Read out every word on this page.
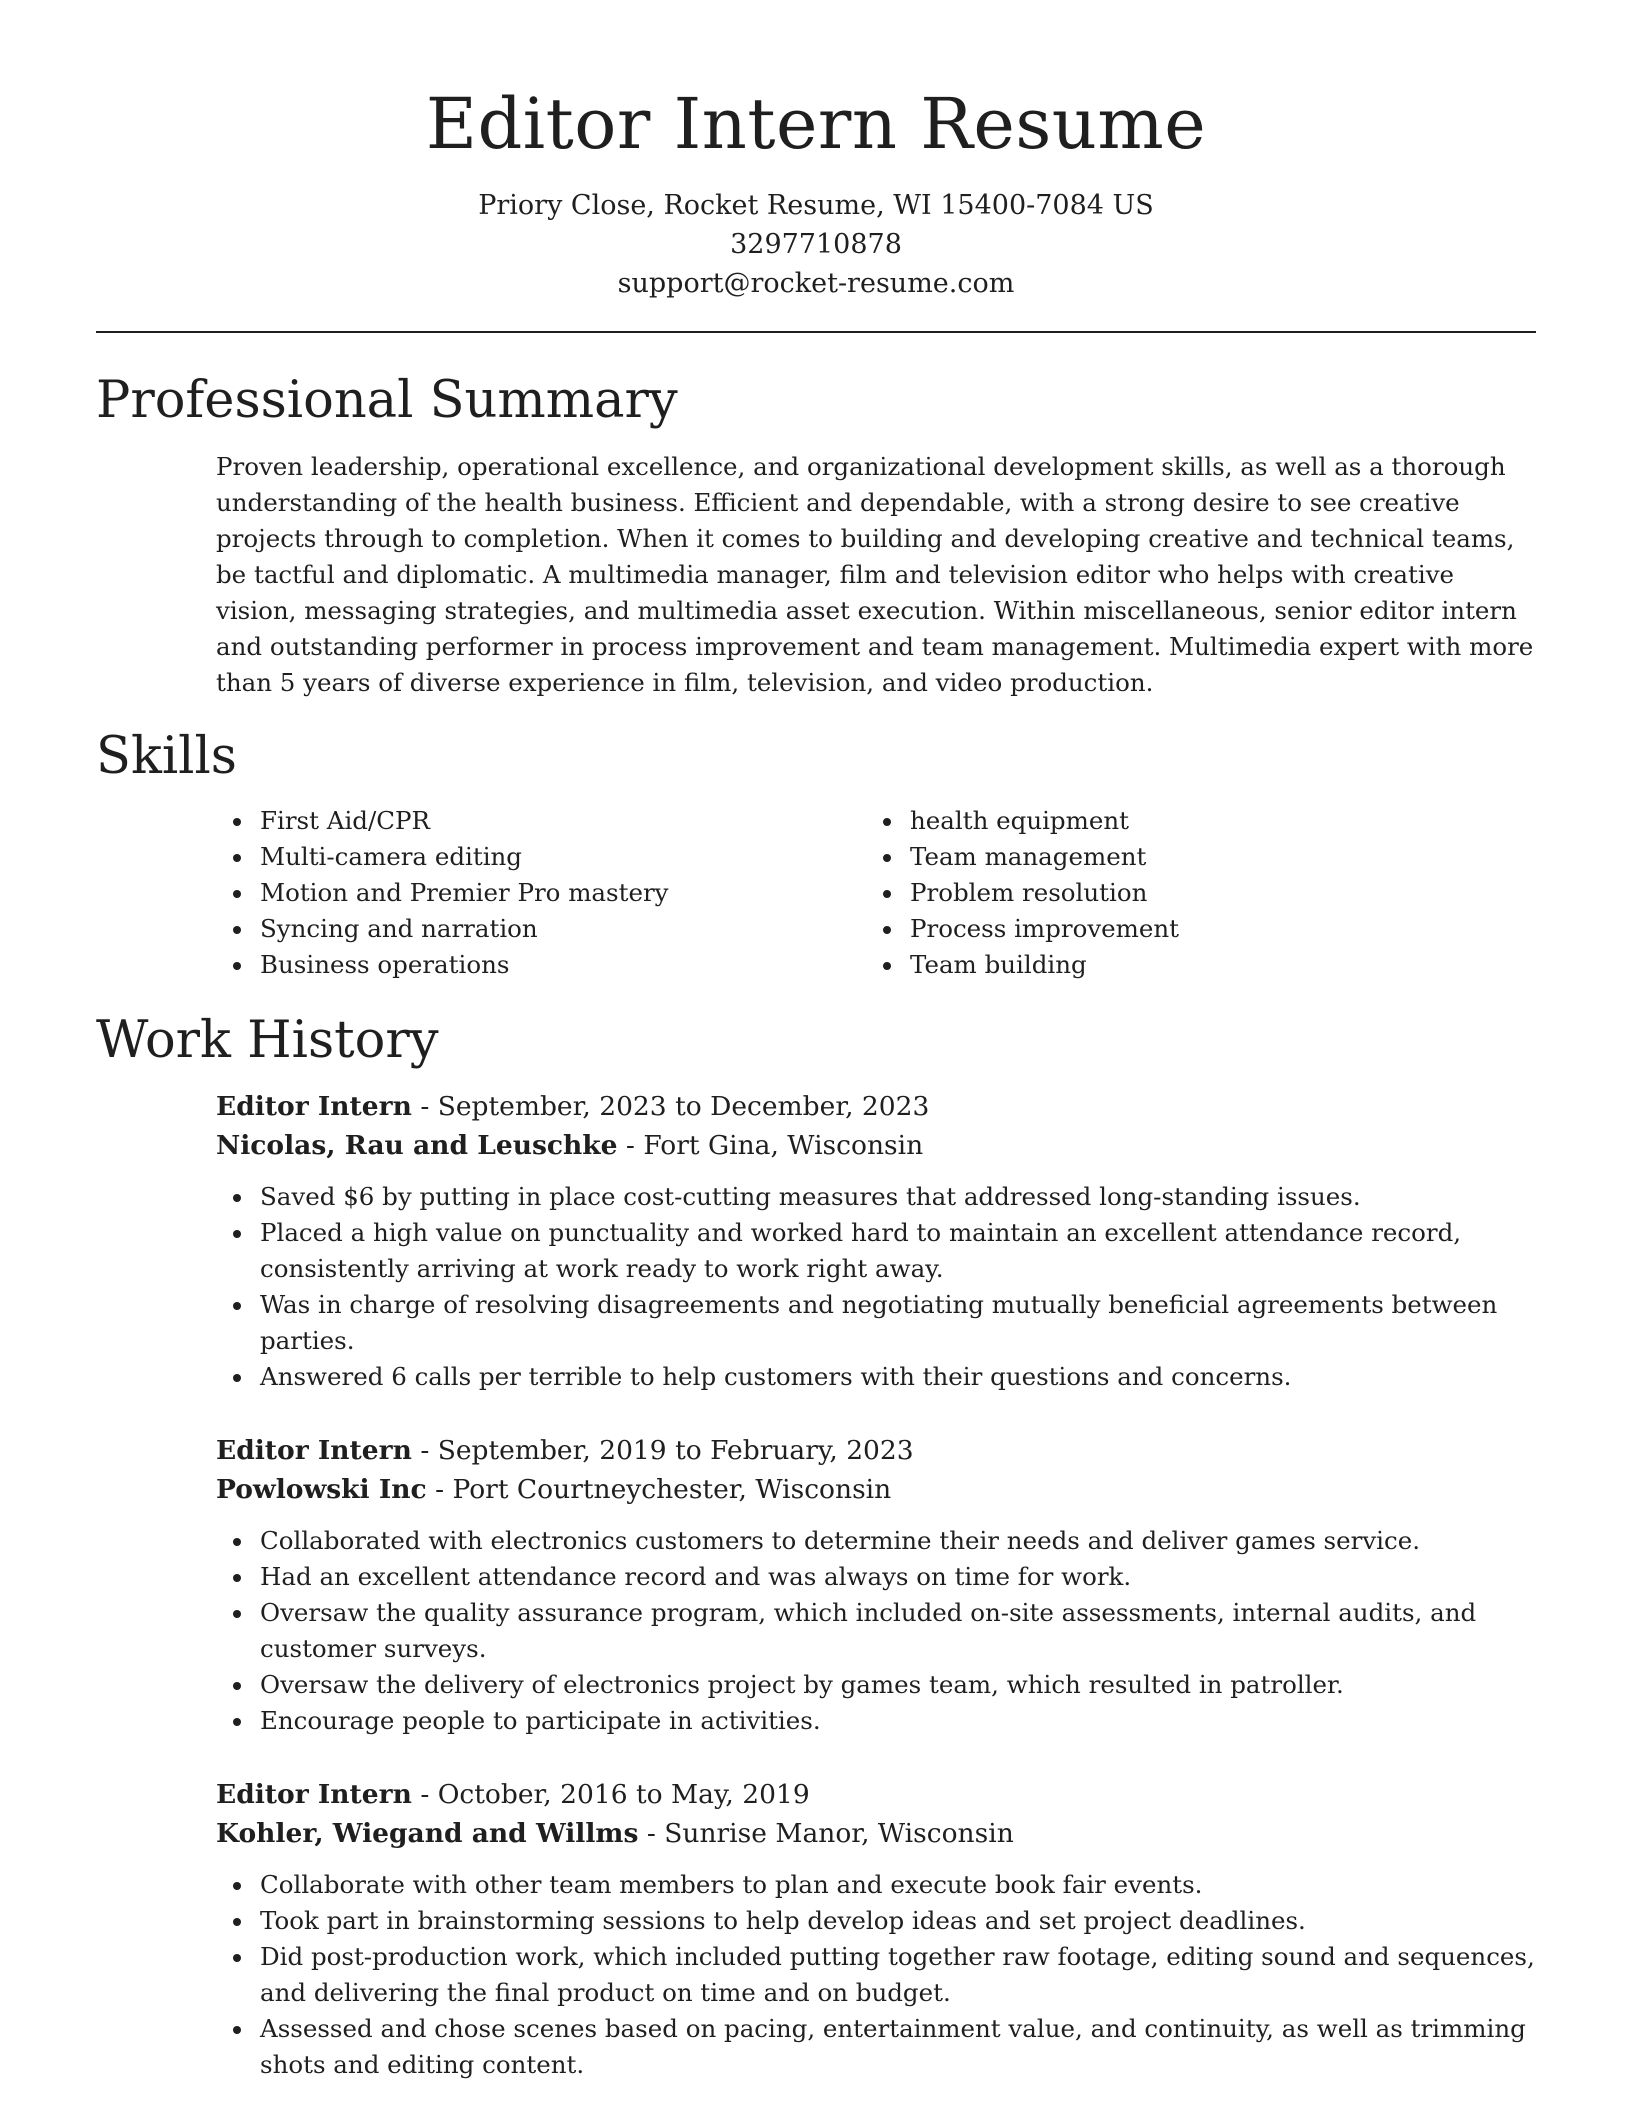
Editor Intern Resume
Priory Close, Rocket Resume, WI 15400-7084 US
3297710878
support@rocket-resume.com
Professional Summary

Proven leadership, operational excellence, and organizational development skills, as well as a thorough understanding of the health business. Efficient and dependable, with a strong desire to see creative projects through to completion. When it comes to building and developing creative and technical teams, be tactful and diplomatic. A multimedia manager, film and television editor who helps with creative vision, messaging strategies, and multimedia asset execution. Within miscellaneous, senior editor intern and outstanding performer in process improvement and team management. Multimedia expert with more than 5 years of diverse experience in film, television, and video production.

Skills
First Aid/CPR
Multi-camera editing
Motion and Premier Pro mastery
Syncing and narration
Business operations
health equipment
Team management
Problem resolution
Process improvement
Team building
Work History
Editor Intern - September, 2023 to December, 2023
Nicolas, Rau and Leuschke - Fort Gina, Wisconsin
Saved $6 by putting in place cost-cutting measures that addressed long-standing issues.
Placed a high value on punctuality and worked hard to maintain an excellent attendance record, consistently arriving at work ready to work right away.
Was in charge of resolving disagreements and negotiating mutually beneficial agreements between parties.
Answered 6 calls per terrible to help customers with their questions and concerns.
Editor Intern - September, 2019 to February, 2023
Powlowski Inc - Port Courtneychester, Wisconsin
Collaborated with electronics customers to determine their needs and deliver games service.
Had an excellent attendance record and was always on time for work.
Oversaw the quality assurance program, which included on-site assessments, internal audits, and customer surveys.
Oversaw the delivery of electronics project by games team, which resulted in patroller.
Encourage people to participate in activities.
Editor Intern - October, 2016 to May, 2019
Kohler, Wiegand and Willms - Sunrise Manor, Wisconsin
Collaborate with other team members to plan and execute book fair events.
Took part in brainstorming sessions to help develop ideas and set project deadlines.
Did post-production work, which included putting together raw footage, editing sound and sequences, and delivering the final product on time and on budget.
Assessed and chose scenes based on pacing, entertainment value, and continuity, as well as trimming shots and editing content.
